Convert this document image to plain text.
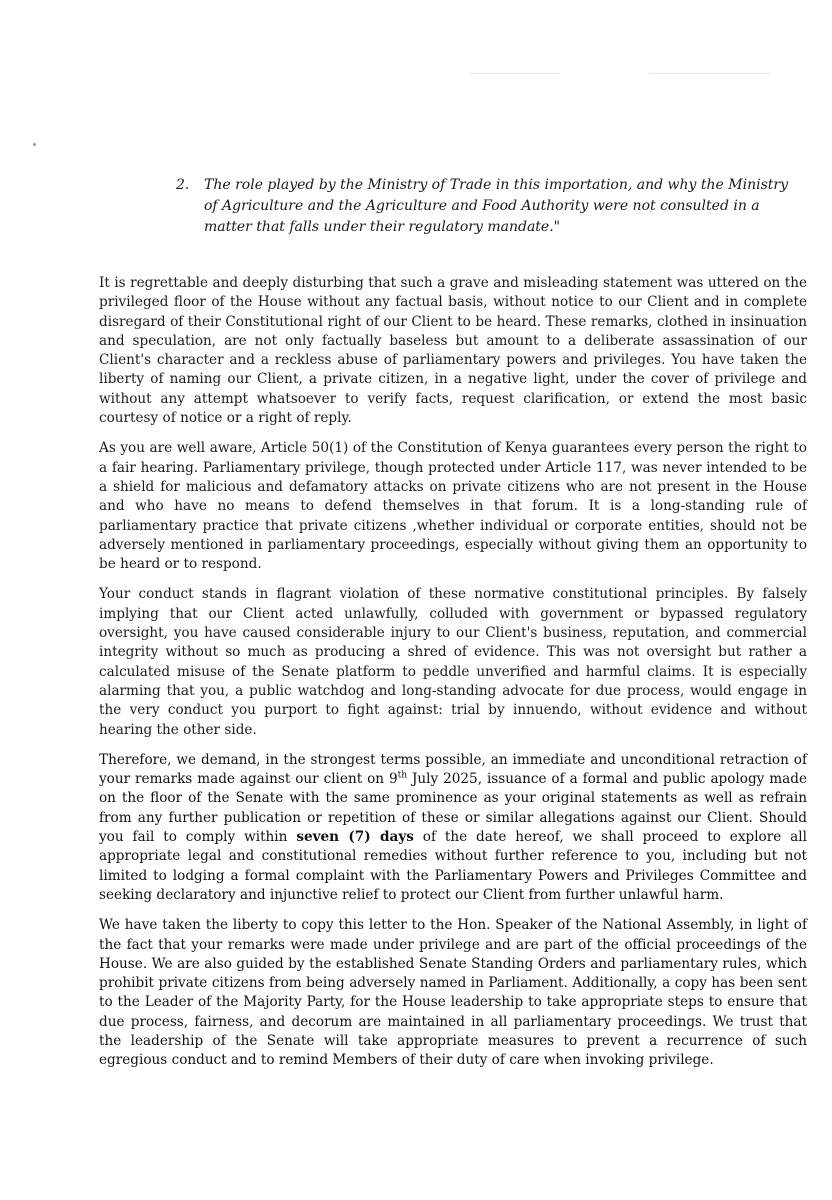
2.	The role played by the Ministry of Trade in this importation, and why the Ministry of Agriculture and the Agriculture and Food Authority were not consulted in a matter that falls under their regulatory mandate."

It is regrettable and deeply disturbing that such a grave and misleading statement was uttered on the privileged floor of the House without any factual basis, without notice to our Client and in complete disregard of their Constitutional right of our Client to be heard. These remarks, clothed in insinuation and speculation, are not only factually baseless but amount to a deliberate assassination of our Client's character and a reckless abuse of parliamentary powers and privileges. You have taken the liberty of naming our Client, a private citizen, in a negative light, under the cover of privilege and without any attempt whatsoever to verify facts, request clarification, or extend the most basic courtesy of notice or a right of reply.

As you are well aware, Article 50(1) of the Constitution of Kenya guarantees every person the right to a fair hearing. Parliamentary privilege, though protected under Article 117, was never intended to be a shield for malicious and defamatory attacks on private citizens who are not present in the House and who have no means to defend themselves in that forum. It is a long-standing rule of parliamentary practice that private citizens ,whether individual or corporate entities, should not be adversely mentioned in parliamentary proceedings, especially without giving them an opportunity to be heard or to respond.

Your conduct stands in flagrant violation of these normative constitutional principles. By falsely implying that our Client acted unlawfully, colluded with government or bypassed regulatory oversight, you have caused considerable injury to our Client's business, reputation, and commercial integrity without so much as producing a shred of evidence. This was not oversight but rather a calculated misuse of the Senate platform to peddle unverified and harmful claims. It is especially alarming that you, a public watchdog and long-standing advocate for due process, would engage in the very conduct you purport to fight against: trial by innuendo, without evidence and without hearing the other side.

Therefore, we demand, in the strongest terms possible, an immediate and unconditional retraction of your remarks made against our client on 9th July 2025, issuance of a formal and public apology made on the floor of the Senate with the same prominence as your original statements as well as refrain from any further publication or repetition of these or similar allegations against our Client. Should you fail to comply within seven (7) days of the date hereof, we shall proceed to explore all appropriate legal and constitutional remedies without further reference to you, including but not limited to lodging a formal complaint with the Parliamentary Powers and Privileges Committee and seeking declaratory and injunctive relief to protect our Client from further unlawful harm.

We have taken the liberty to copy this letter to the Hon. Speaker of the National Assembly, in light of the fact that your remarks were made under privilege and are part of the official proceedings of the House. We are also guided by the established Senate Standing Orders and parliamentary rules, which prohibit private citizens from being adversely named in Parliament. Additionally, a copy has been sent to the Leader of the Majority Party, for the House leadership to take appropriate steps to ensure that due process, fairness, and decorum are maintained in all parliamentary proceedings. We trust that the leadership of the Senate will take appropriate measures to prevent a recurrence of such egregious conduct and to remind Members of their duty of care when invoking privilege.
